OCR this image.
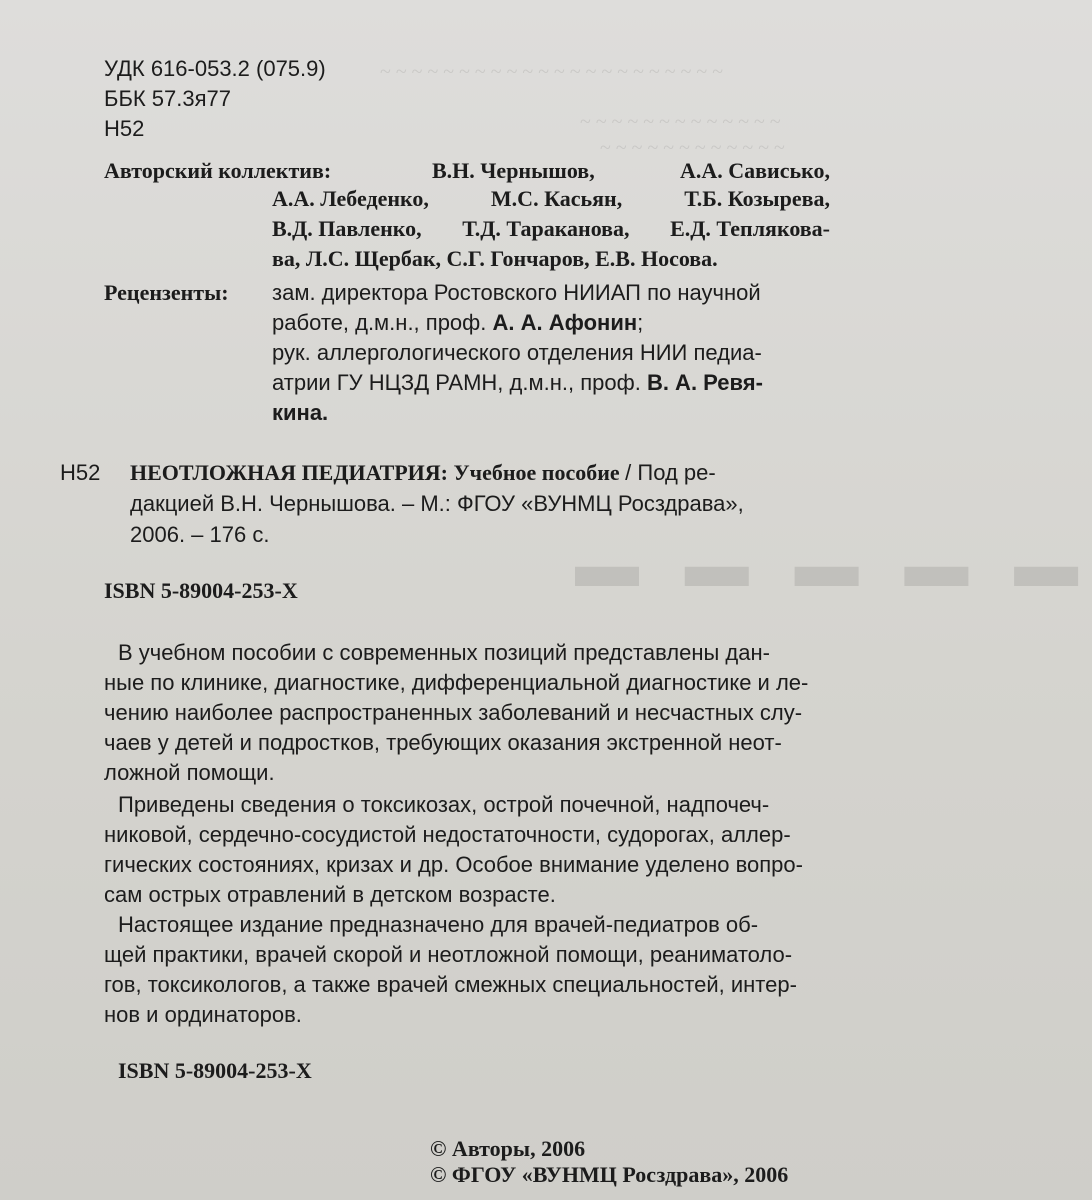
~ ~ ~ ~ ~ ~ ~ ~ ~ ~ ~ ~ ~ ~ ~ ~ ~ ~ ~ ~ ~ ~
~ ~ ~ ~ ~ ~ ~ ~ ~ ~ ~ ~ ~
~ ~ ~ ~ ~ ~ ~ ~ ~ ~ ~ ~
▬ ▬ ▬ ▬ ▬
УДК 616-053.2 (075.9)
ББК 57.3я77
Н52
Авторский коллектив:	В.Н. Чернышов,	А.А. Сависько,
А.А. Лебеденко,	М.С. Касьян,	Т.Б. Козырева,
В.Д. Павленко, Т.Д. Тараканова, Е.Д. Теплякова-
ва, Л.С. Щербак, С.Г. Гончаров, Е.В. Носова.
Рецензенты: зам. директора Ростовского НИИАП по научной
работе, д.м.н., проф. А. А. Афонин;
рук. аллергологического отделения НИИ педиа-
атрии ГУ НЦЗД РАМН, д.м.н., проф. В. А. Ревя-
кина.
Н52 НЕОТЛОЖНАЯ ПЕДИАТРИЯ: Учебное пособие / Под ре-
дакцией В.Н. Чернышова. – М.: ФГОУ «ВУНМЦ Росздрава»,
2006. – 176 с.
ISBN 5-89004-253-X
В учебном пособии с современных позиций представлены дан-
ные по клинике, диагностике, дифференциальной диагностике и ле-
чению наиболее распространенных заболеваний и несчастных слу-
чаев у детей и подростков, требующих оказания экстренной неот-
ложной помощи.
Приведены сведения о токсикозах, острой почечной, надпочеч-
никовой, сердечно-сосудистой недостаточности, судорогах, аллер-
гических состояниях, кризах и др. Особое внимание уделено вопро-
сам острых отравлений в детском возрасте.
Настоящее издание предназначено для врачей-педиатров об-
щей практики, врачей скорой и неотложной помощи, реаниматоло-
гов, токсикологов, а также врачей смежных специальностей, интер-
нов и ординаторов.
ISBN 5-89004-253-X
© Авторы, 2006
© ФГОУ «ВУНМЦ Росздрава», 2006
